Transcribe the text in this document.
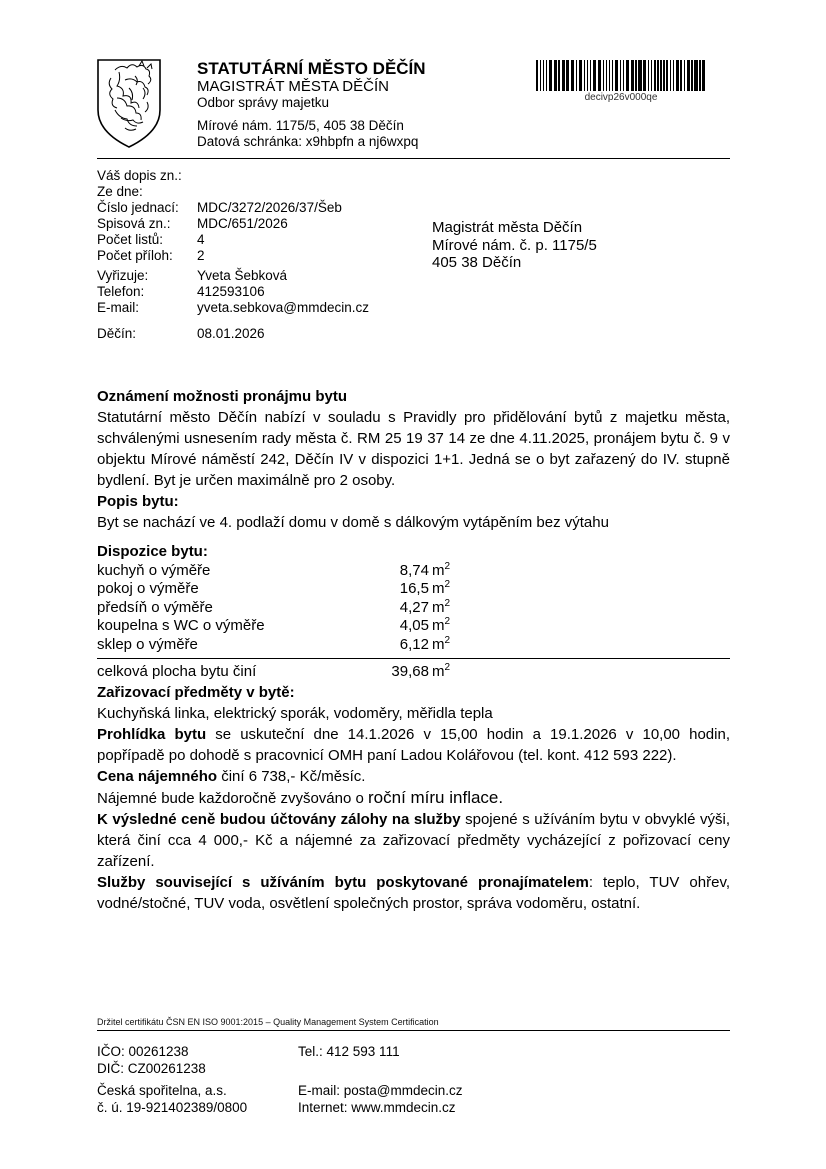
STATUTÁRNÍ MĚSTO DĚČÍN
MAGISTRÁT MĚSTA DĚČÍN
Odbor správy majetku
Mírové nám. 1175/5, 405 38 Děčín
Datová schránka: x9hbpfn a nj6wxpq
decivp26v000qe
Váš dopis zn.:
Ze dne:
Číslo jednací:	MDC/3272/2026/37/Šeb
Spisová zn.:	MDC/651/2026
Počet listů:	4
Počet příloh:	2
Vyřizuje:	Yveta Šebková
Telefon:	412593106
E-mail:	yveta.sebkova@mmdecin.cz
Děčín:	08.01.2026
Magistrát města Děčín
Mírové nám. č. p. 1175/5
405 38 Děčín
Oznámení možnosti pronájmu bytu

Statutární město Děčín nabízí v souladu s Pravidly pro přidělování bytů z majetku města, schválenými usnesením rady města č. RM 25 19 37 14 ze dne 4.11.2025, pronájem bytu č. 9 v objektu Mírové náměstí 242, Děčín IV v dispozici 1+1. Jedná se o byt zařazený do IV. stupně bydlení. Byt je určen maximálně pro 2 osoby.

Popis bytu:

Byt se nachází ve 4. podlaží domu v domě s dálkovým vytápěním bez výtahu

Dispozice bytu:
kuchyň o výměře	8,74 $m^2$
pokoj o výměře	16,5 $m^2$
předsíň o výměře	4,27 $m^2$
koupelna s WC o výměře	4,05 $m^2$
sklep o výměře	6,12 $m^2$
celková plocha bytu činí	39,68 $m^2$
Zařizovací předměty v bytě:

Kuchyňská linka, elektrický sporák, vodoměry, měřidla tepla

Prohlídka bytu se uskuteční dne 14.1.2026 v 15,00 hodin a 19.1.2026 v 10,00 hodin, popřípadě po dohodě s pracovnicí OMH paní Ladou Kolářovou (tel. kont. 412 593 222).

Cena nájemného činí 6 738,- Kč/měsíc.

Nájemné bude každoročně zvyšováno o roční míru inflace.

K výsledné ceně budou účtovány zálohy na služby spojené s užíváním bytu v obvyklé výši, která činí cca 4 000,- Kč a nájemné za zařizovací předměty vycházející z pořizovací ceny zařízení.

Služby související s užíváním bytu poskytované pronajímatelem: teplo, TUV ohřev, vodné/stočné, TUV voda, osvětlení společných prostor, správa vodoměru, ostatní.

Držitel certifikátu ČSN EN ISO 9001:2015 – Quality Management System Certification
IČO: 00261238	Tel.: 412 593 111
DIČ: CZ00261238
Česká spořitelna, a.s.	E-mail: posta@mmdecin.cz
č. ú. 19-921402389/0800	Internet: www.mmdecin.cz
